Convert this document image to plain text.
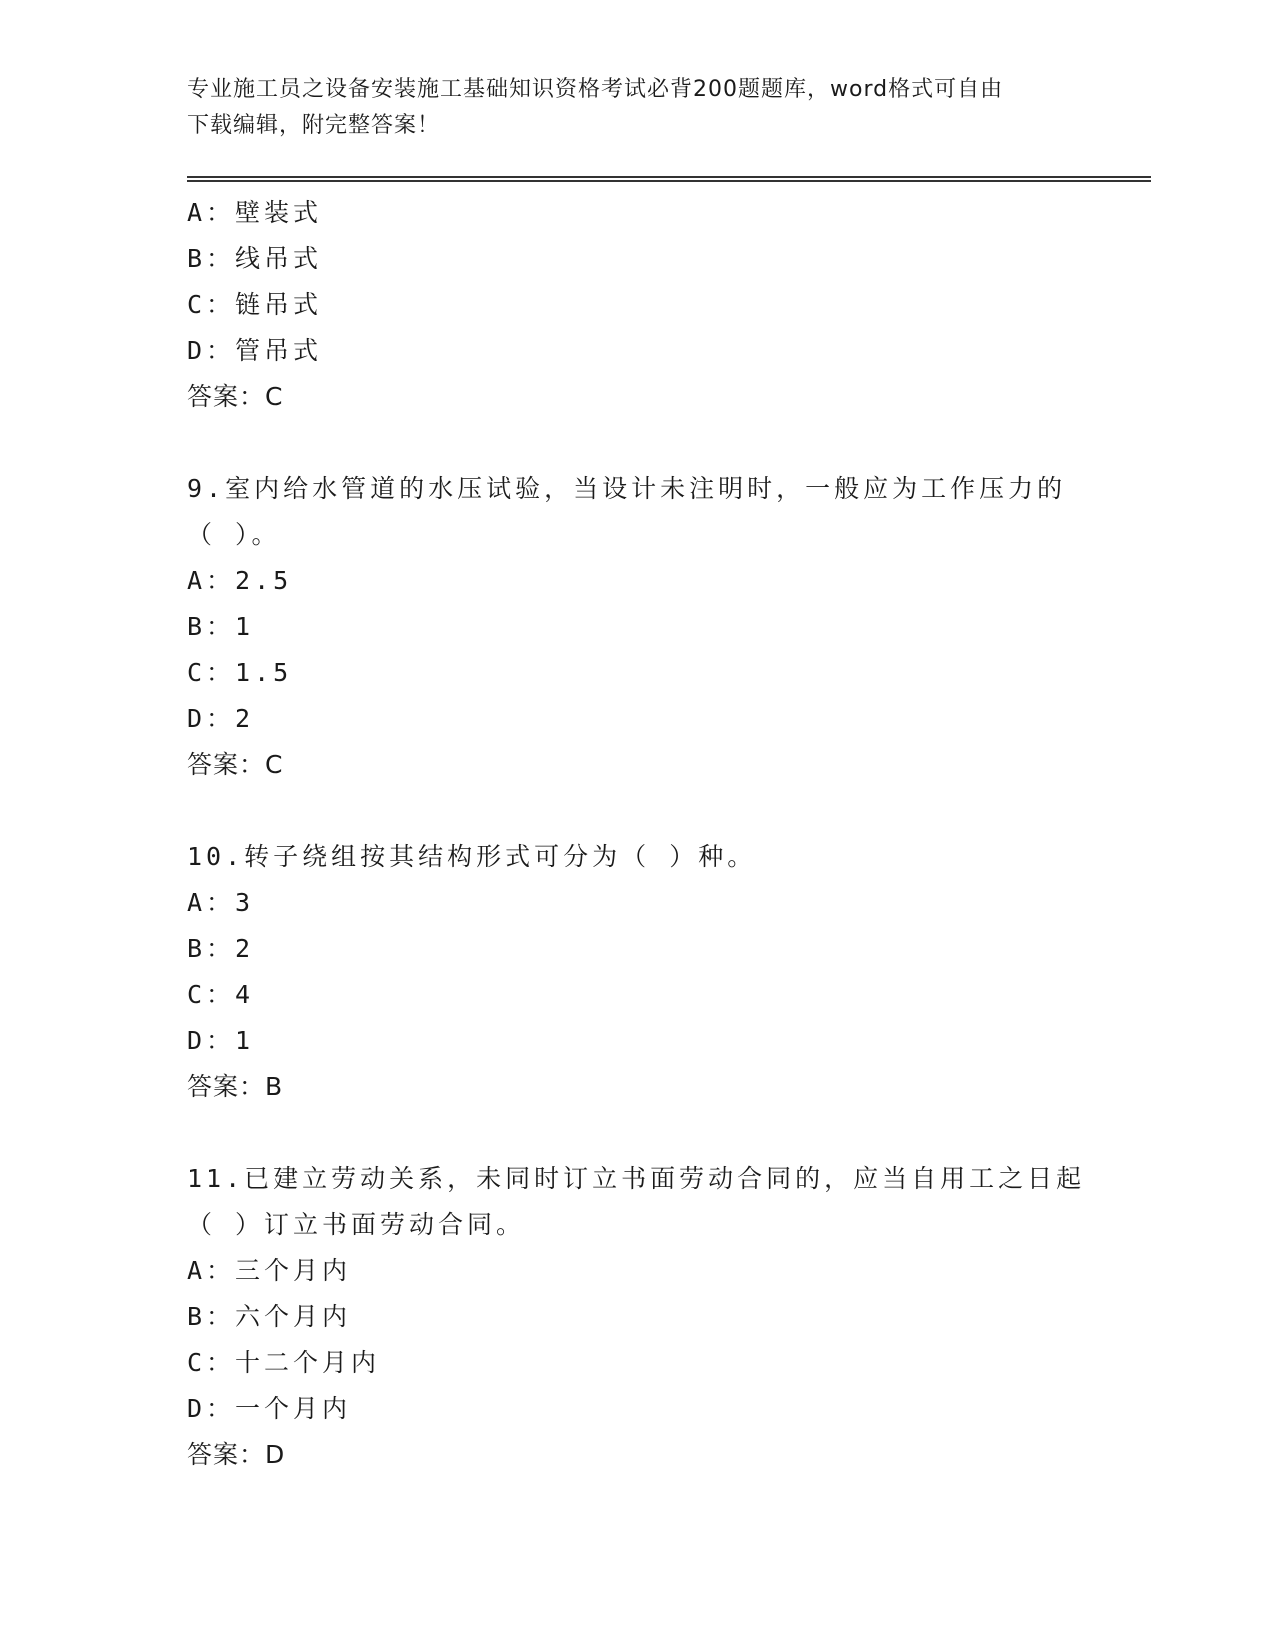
专业施工员之设备安装施工基础知识资格考试必背200题题库，word格式可自由
下载编辑，附完整答案！
A：壁装式
B：线吊式
C：链吊式
D：管吊式
答案：C
9.室内给水管道的水压试验，当设计未注明时，一般应为工作压力的
（ ）。
A：2.5
B：1
C：1.5
D：2
答案：C
10.转子绕组按其结构形式可分为（ ）种。
A：3
B：2
C：4
D：1
答案：B
11.已建立劳动关系，未同时订立书面劳动合同的，应当自用工之日起
（ ）订立书面劳动合同。
A：三个月内
B：六个月内
C：十二个月内
D：一个月内
答案：D
